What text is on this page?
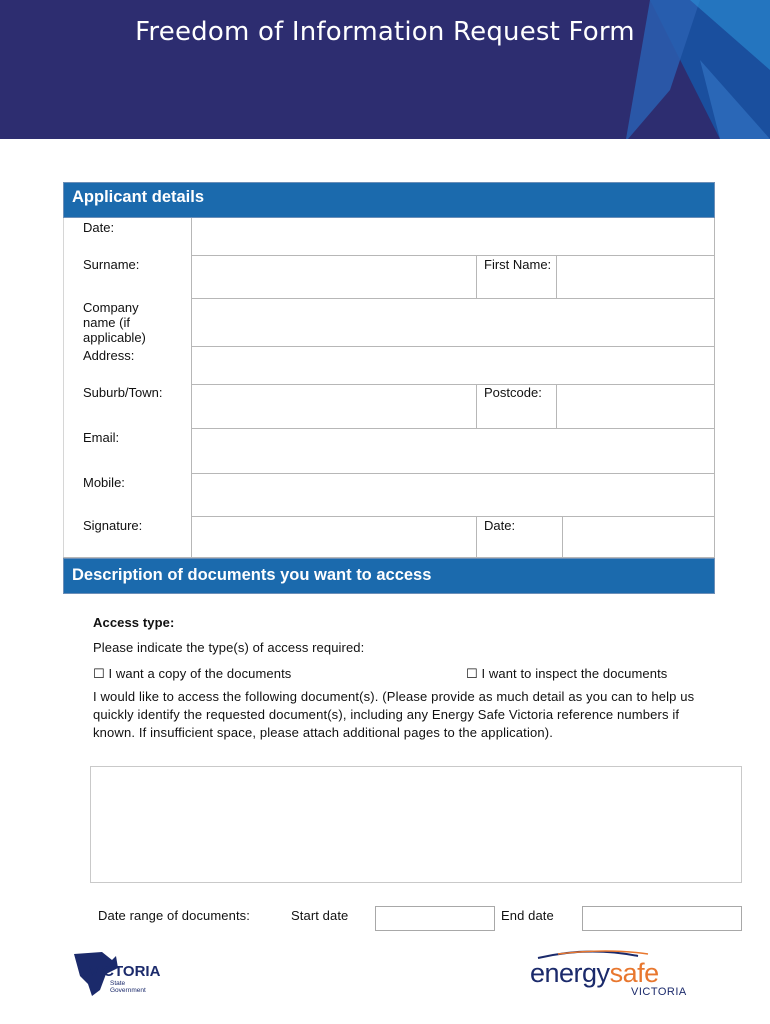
Freedom of Information Request Form
Applicant details
Date:
Surname:	First Name:
Company name (if applicable)
Address:
Suburb/Town:	Postcode:
Email:
Mobile:
Signature:	Date:
Description of documents you want to access
Access type:
Please indicate the type(s) of access required:
☐ I want a copy of the documents	☐ I want to inspect the documents
I would like to access the following document(s). (Please provide as much detail as you can to help us quickly identify the requested document(s), including any Energy Safe Victoria reference numbers if known. If insufficient space, please attach additional pages to the application).
Date range of documents:	Start date	End date
VICTORIA
State
Government
energysafe
VICTORIA
